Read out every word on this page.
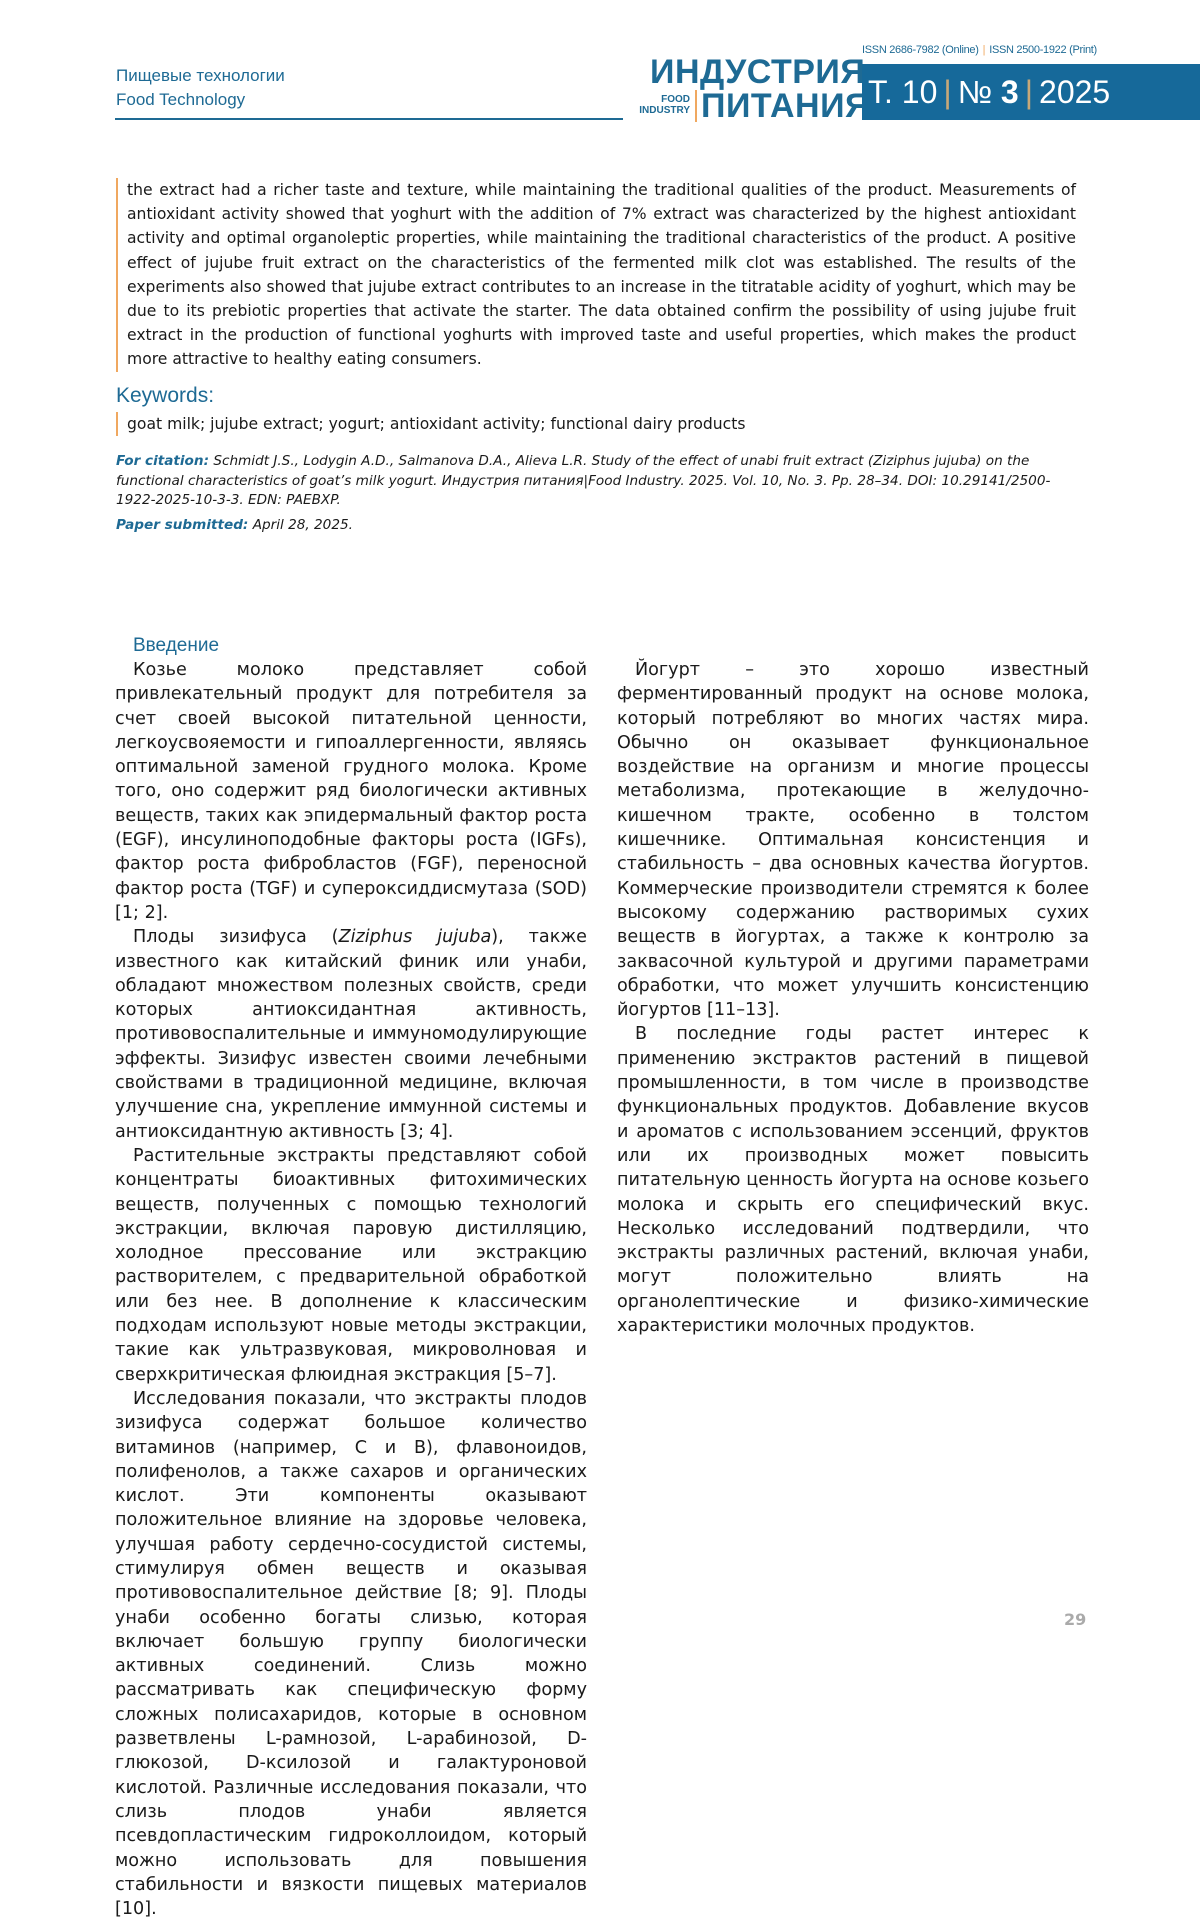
Пищевые технологии
Food Technology
ISSN 2686-7982 (Online) | ISSN 2500-1922 (Print)
ИНДУСТРИЯ
FOOD
INDUSTRY ПИТАНИЯ
Т. 10 | № 3 | 2025
the extract had a richer taste and texture, while maintaining the traditional qualities of the product. Measurements of antioxidant activity showed that yoghurt with the addition of 7% extract was characterized by the highest antioxidant activity and optimal organoleptic properties, while maintaining the traditional characteristics of the product. A positive effect of jujube fruit extract on the characteristics of the fermented milk clot was established. The results of the experiments also showed that jujube extract contributes to an increase in the titratable acidity of yoghurt, which may be due to its prebiotic properties that activate the starter. The data obtained confirm the possibility of using jujube fruit extract in the production of functional yoghurts with improved taste and useful properties, which makes the product more attractive to healthy eating consumers.
Keywords:
goat milk; jujube extract; yogurt; antioxidant activity; functional dairy products
For citation: Schmidt J.S., Lodygin A.D., Salmanova D.A., Alieva L.R. Study of the effect of unabi fruit extract (Ziziphus jujuba) on the functional characteristics of goat’s milk yogurt. Индустрия питания|Food Industry. 2025. Vol. 10, No. 3. Pp. 28–34. DOI: 10.29141/2500-1922-2025-10-3-3. EDN: PAEBXP.
Paper submitted: April 28, 2025.
Введение

Козье молоко представляет собой привлекательный продукт для потребителя за счет своей высокой питательной ценности, легкоусвояемости и гипоаллергенности, являясь оптимальной заменой грудного молока. Кроме того, оно содержит ряд биологически активных веществ, таких как эпидермальный фактор роста (EGF), инсулиноподобные факторы роста (IGFs), фактор роста фибробластов (FGF), переносной фактор роста (TGF) и супероксиддисмутаза (SOD) [1; 2].

Плоды зизифуса (Ziziphus jujuba), также известного как китайский финик или унаби, обладают множеством полезных свойств, среди которых антиоксидантная активность, противовоспалительные и иммуномодулирующие эффекты. Зизифус известен своими лечебными свойствами в традиционной медицине, включая улучшение сна, укрепление иммунной системы и антиоксидантную активность [3; 4].

Растительные экстракты представляют собой концентраты биоактивных фитохимических веществ, полученных с помощью технологий экстракции, включая паровую дистилляцию, холодное прессование или экстракцию растворителем, с предварительной обработкой или без нее. В дополнение к классическим подходам используют новые методы экстракции, такие как ультразвуковая, микроволновая и сверхкритическая флюидная экстракция [5–7].

Исследования показали, что экстракты плодов зизифуса содержат большое количество витаминов (например, C и B), флавоноидов, полифенолов, а также сахаров и органических кислот. Эти компоненты оказывают положительное влияние на здоровье человека, улучшая работу сердечно-сосудистой системы, стимулируя обмен веществ и оказывая противовоспалительное действие [8; 9]. Плоды унаби особенно богаты слизью, которая включает большую группу биологически активных соединений. Слизь можно рассматривать как специфическую форму сложных полисахаридов, которые в основном разветвлены L-рамнозой, L-арабинозой, D-глюкозой, D-ксилозой и галактуроновой кислотой. Различные исследования показали, что слизь плодов унаби является псевдопластическим гидроколлоидом, который можно использовать для повышения стабильности и вязкости пищевых материалов [10].

Йогурт – это хорошо известный ферментированный продукт на основе молока, который потребляют во многих частях мира. Обычно он оказывает функциональное воздействие на организм и многие процессы метаболизма, протекающие в желудочно-кишечном тракте, особенно в толстом кишечнике. Оптимальная консистенция и стабильность – два основных качества йогуртов. Коммерческие производители стремятся к более высокому содержанию растворимых сухих веществ в йогуртах, а также к контролю за заквасочной культурой и другими параметрами обработки, что может улучшить консистенцию йогуртов [11–13].

В последние годы растет интерес к применению экстрактов растений в пищевой промышленности, в том числе в производстве функциональных продуктов. Добавление вкусов и ароматов с использованием эссенций, фруктов или их производных может повысить питательную ценность йогурта на основе козьего молока и скрыть его специфический вкус. Несколько исследований подтвердили, что экстракты различных растений, включая унаби, могут положительно влиять на органолептические и физико-химические характеристики молочных продуктов.

29
